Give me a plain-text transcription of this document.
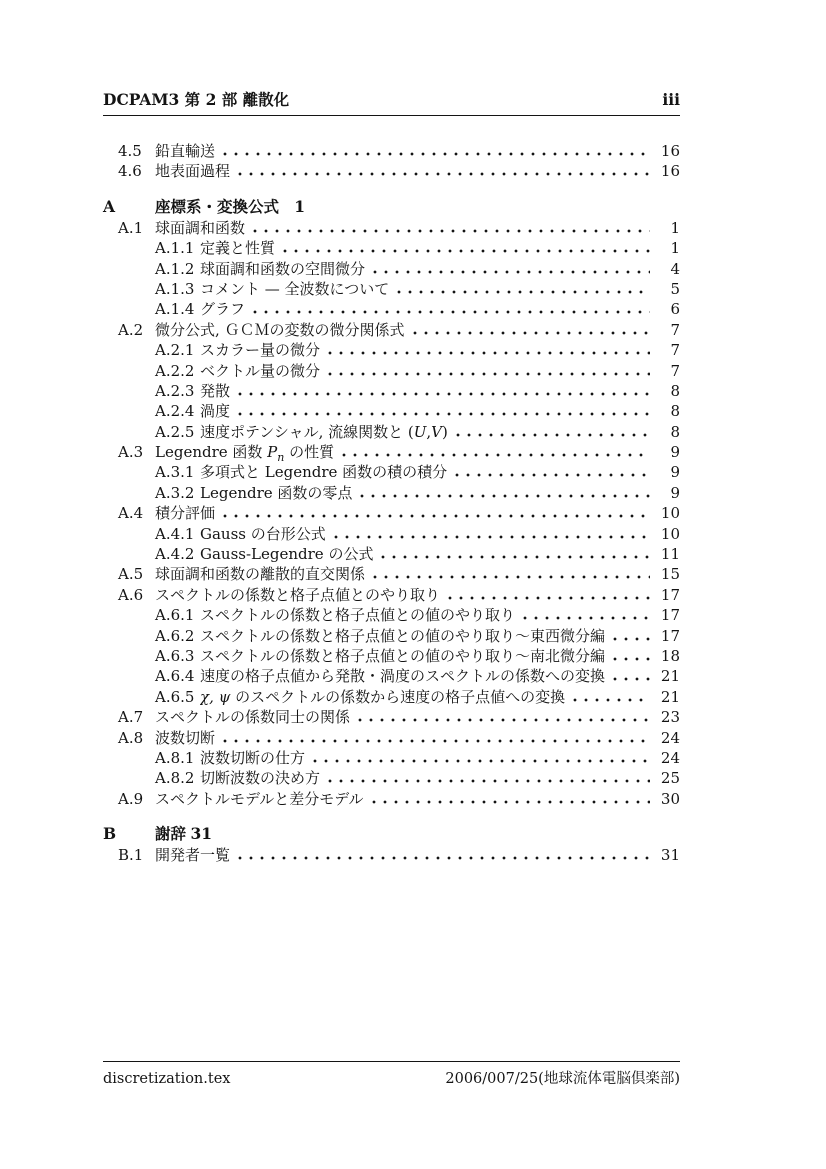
DCPAM3 第 2 部 離散化	iii
4.5 鉛直輸送	16
4.6 地表面過程	16
A	座標系・変換公式 1
A.1 球面調和函数	1
A.1.1 定義と性質	1
A.1.2 球面調和函数の空間微分	4
A.1.3 コメント — 全波数について	5
A.1.4 グラフ	6
A.2 微分公式, ＧＣＭの変数の微分関係式	7
A.2.1 スカラー量の微分	7
A.2.2 ベクトル量の微分	7
A.2.3 発散	8
A.2.4 渦度	8
A.2.5 速度ポテンシャル, 流線関数と (U,V)	8
A.3 Legendre 函数 $P_n$ の性質	9
A.3.1 多項式と Legendre 函数の積の積分	9
A.3.2 Legendre 函数の零点	9
A.4 積分評価	10
A.4.1 Gauss の台形公式	10
A.4.2 Gauss-Legendre の公式	11
A.5 球面調和函数の離散的直交関係	15
A.6 スペクトルの係数と格子点値とのやり取り	17
A.6.1 スペクトルの係数と格子点値との値のやり取り	17
A.6.2 スペクトルの係数と格子点値との値のやり取り〜東西微分編	17
A.6.3 スペクトルの係数と格子点値との値のやり取り〜南北微分編	18
A.6.4 速度の格子点値から発散・渦度のスペクトルの係数への変換	21
A.6.5 χ, ψ のスペクトルの係数から速度の格子点値への変換	21
A.7 スペクトルの係数同士の関係	23
A.8 波数切断	24
A.8.1 波数切断の仕方	24
A.8.2 切断波数の決め方	25
A.9 スペクトルモデルと差分モデル	30
B	謝辞 31
B.1 開発者一覧	31
discretization.tex	2006/007/25(地球流体電脳倶楽部)
